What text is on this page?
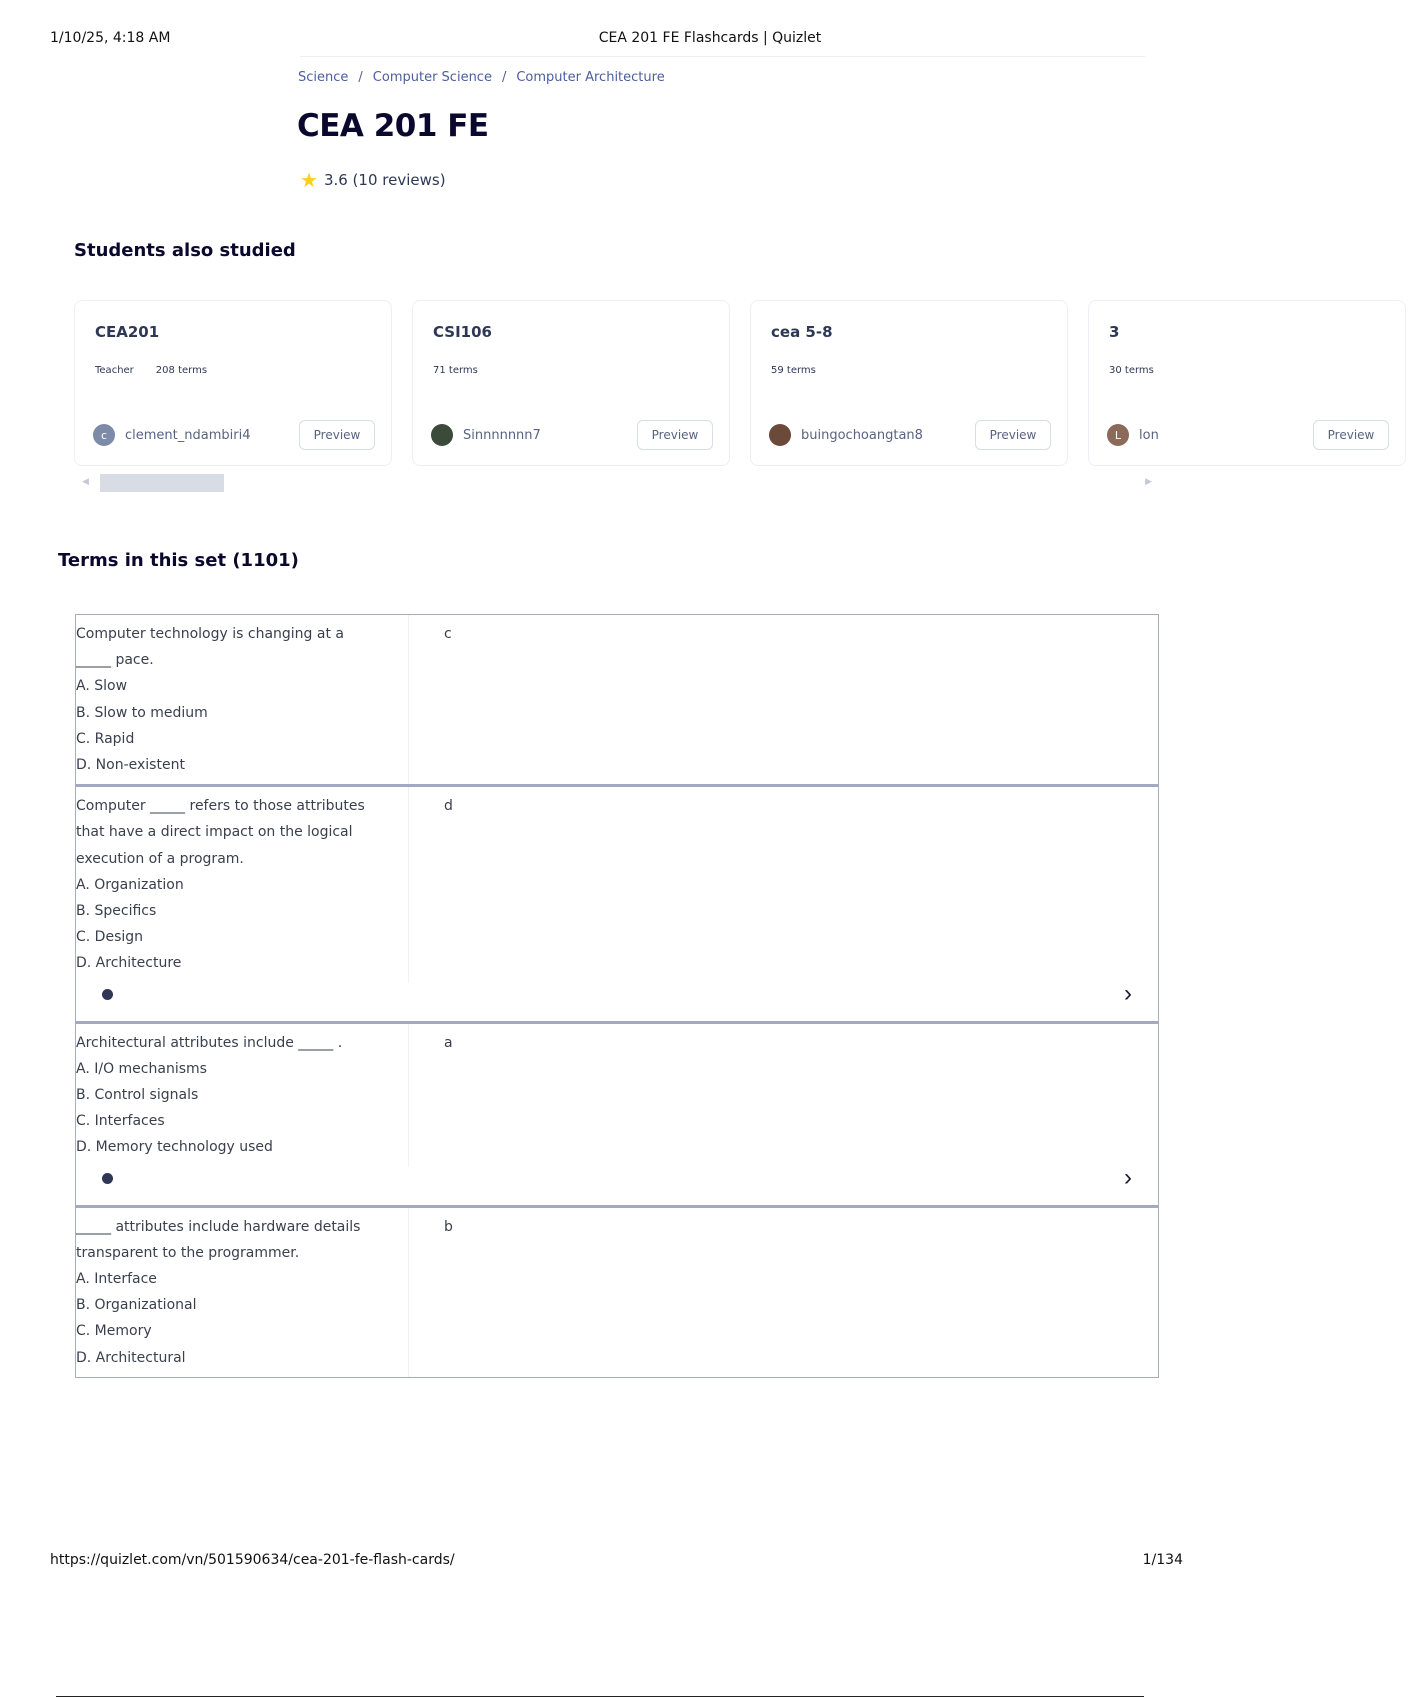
1/10/25, 4:18 AM	CEA 201 FE Flashcards | Quizlet
Science / Computer Science / Computer Architecture
CEA 201 FE
★ 3.6 (10 reviews)
Students also studied
CEA201
Teacher 208 terms
c	clement_ndambiri4	Preview
CSI106
71 terms
Sinnnnnnn7	Preview
cea 5-8
59 terms
buingochoangtan8	Preview
3
30 terms
L	lon	Preview
◀	▶
Terms in this set (1101)
Computer technology is changing at a
_____ pace.
A. Slow
B. Slow to medium
C. Rapid
D. Non-existent
c
Computer _____ refers to those attributes
that have a direct impact on the logical
execution of a program.
A. Organization
B. Specifics
C. Design
D. Architecture
d
›
Architectural attributes include _____ .
A. I/O mechanisms
B. Control signals
C. Interfaces
D. Memory technology used
a
›
_____ attributes include hardware details
transparent to the programmer.
A. Interface
B. Organizational
C. Memory
D. Architectural
b
https://quizlet.com/vn/501590634/cea-201-fe-flash-cards/	1/134
